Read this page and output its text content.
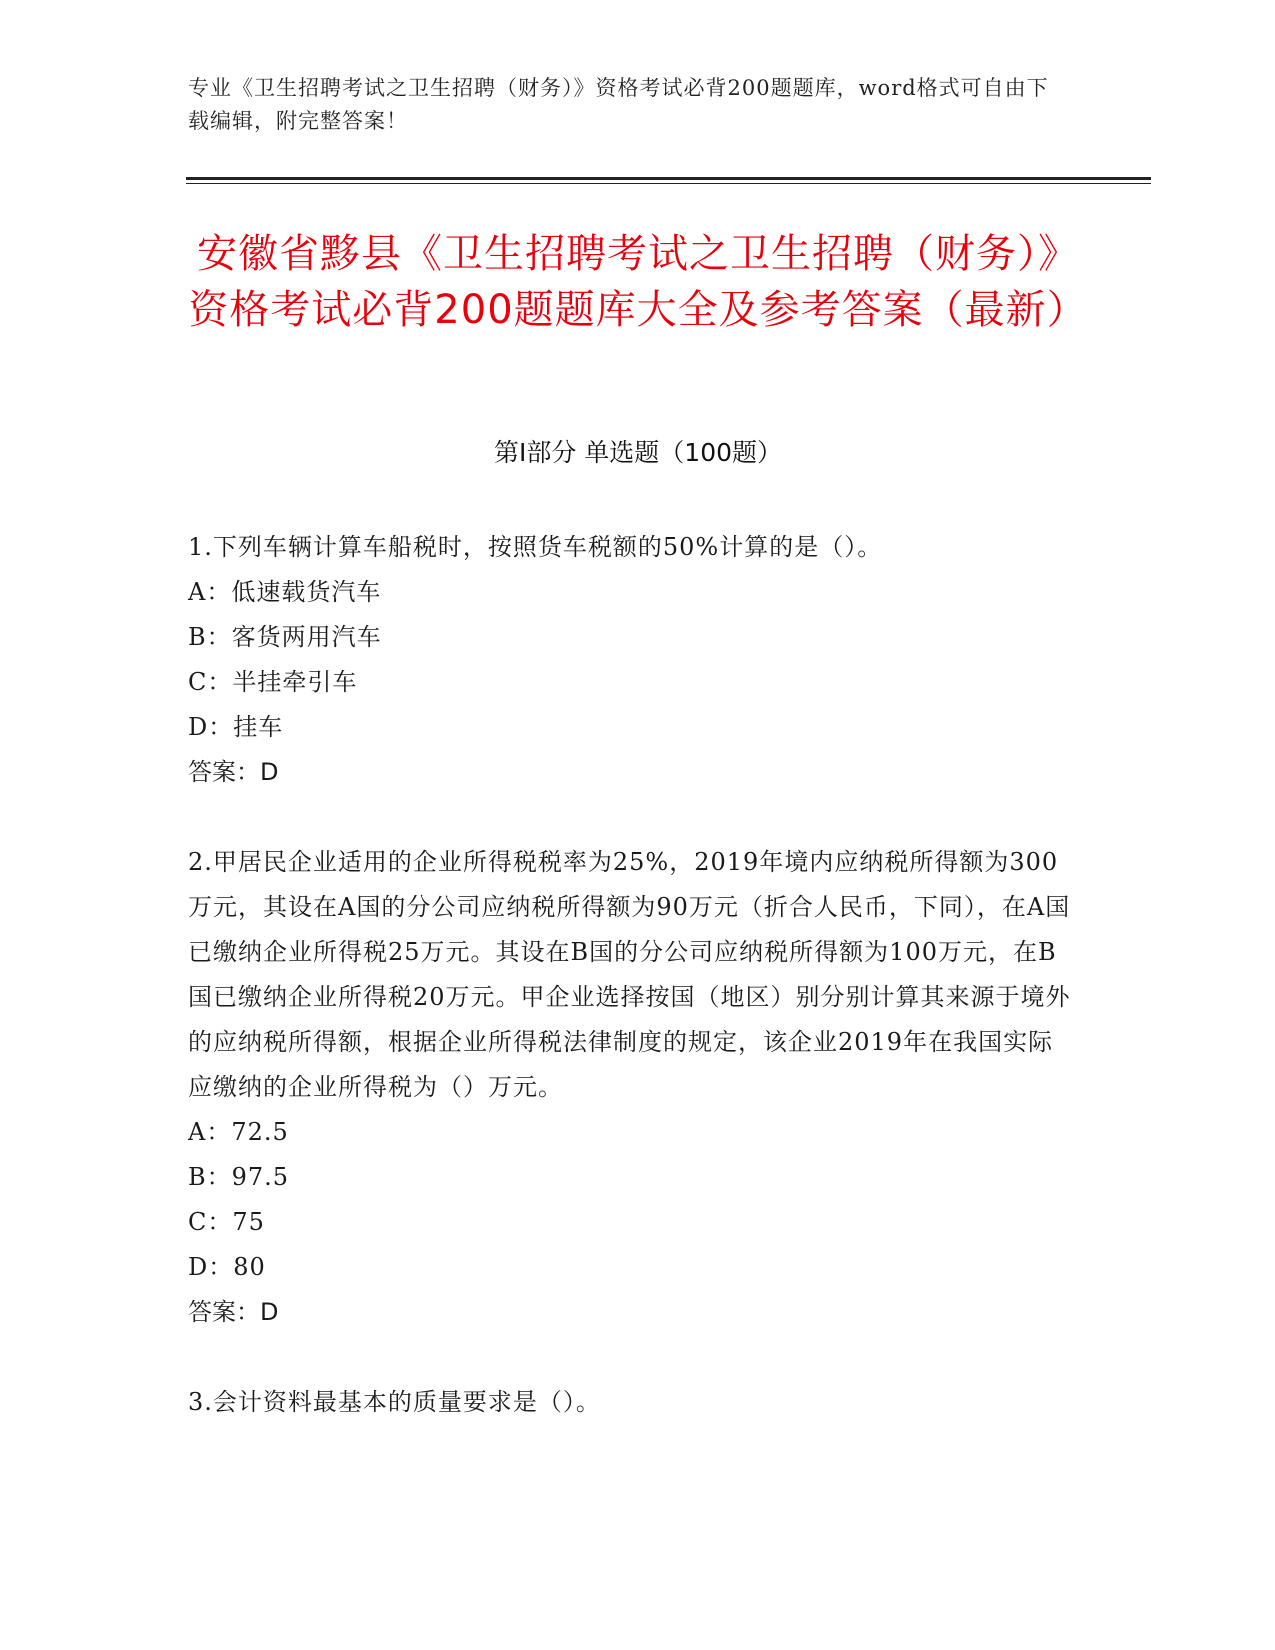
专业《卫生招聘考试之卫生招聘（财务）》资格考试必背200题题库，word格式可自由下载编辑，附完整答案！
安徽省黟县《卫生招聘考试之卫生招聘（财务）》资格考试必背200题题库大全及参考答案（最新）
第Ⅰ部分 单选题（100题）
1.下列车辆计算车船税时，按照货车税额的50%计算的是（）。
A：低速载货汽车
B：客货两用汽车
C：半挂牵引车
D：挂车
答案：D
2.甲居民企业适用的企业所得税税率为25%，2019年境内应纳税所得额为300万元，其设在A国的分公司应纳税所得额为90万元（折合人民币，下同），在A国已缴纳企业所得税25万元。其设在B国的分公司应纳税所得额为100万元，在B国已缴纳企业所得税20万元。甲企业选择按国（地区）别分别计算其来源于境外的应纳税所得额，根据企业所得税法律制度的规定，该企业2019年在我国实际应缴纳的企业所得税为（）万元。
A：72.5
B：97.5
C：75
D：80
答案：D
3.会计资料最基本的质量要求是（）。
